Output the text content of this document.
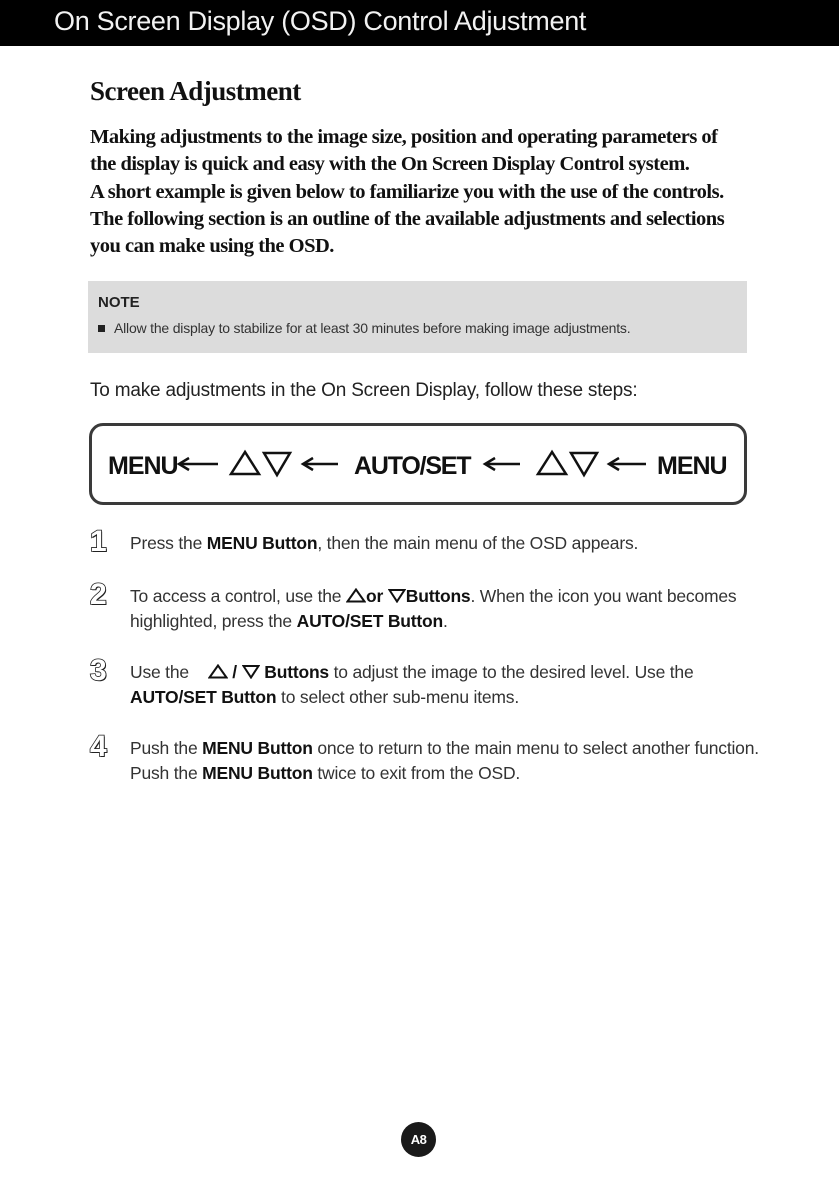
On Screen Display (OSD) Control Adjustment
Screen Adjustment
Making adjustments to the image size, position and operating parameters of
the display is quick and easy with the On Screen Display Control system.
A short example is given below to familiarize you with the use of the controls.
The following section is an outline of the available adjustments and selections
you can make using the OSD.
NOTE
Allow the display to stabilize for at least 30 minutes before making image adjustments.
To make adjustments in the On Screen Display, follow these steps:
MENU	AUTO/SET	MENU
1 Press the MENU Button, then the main menu of the OSD appears.
2 To access a control, use the or Buttons. When the icon you want becomes highlighted, press the AUTO/SET Button.
3 Use the     / Buttons to adjust the image to the desired level. Use the AUTO/SET Button to select other sub-menu items.
4 Push the MENU Button once to return to the main menu to select another function. Push the MENU Button twice to exit from the OSD.
A8
